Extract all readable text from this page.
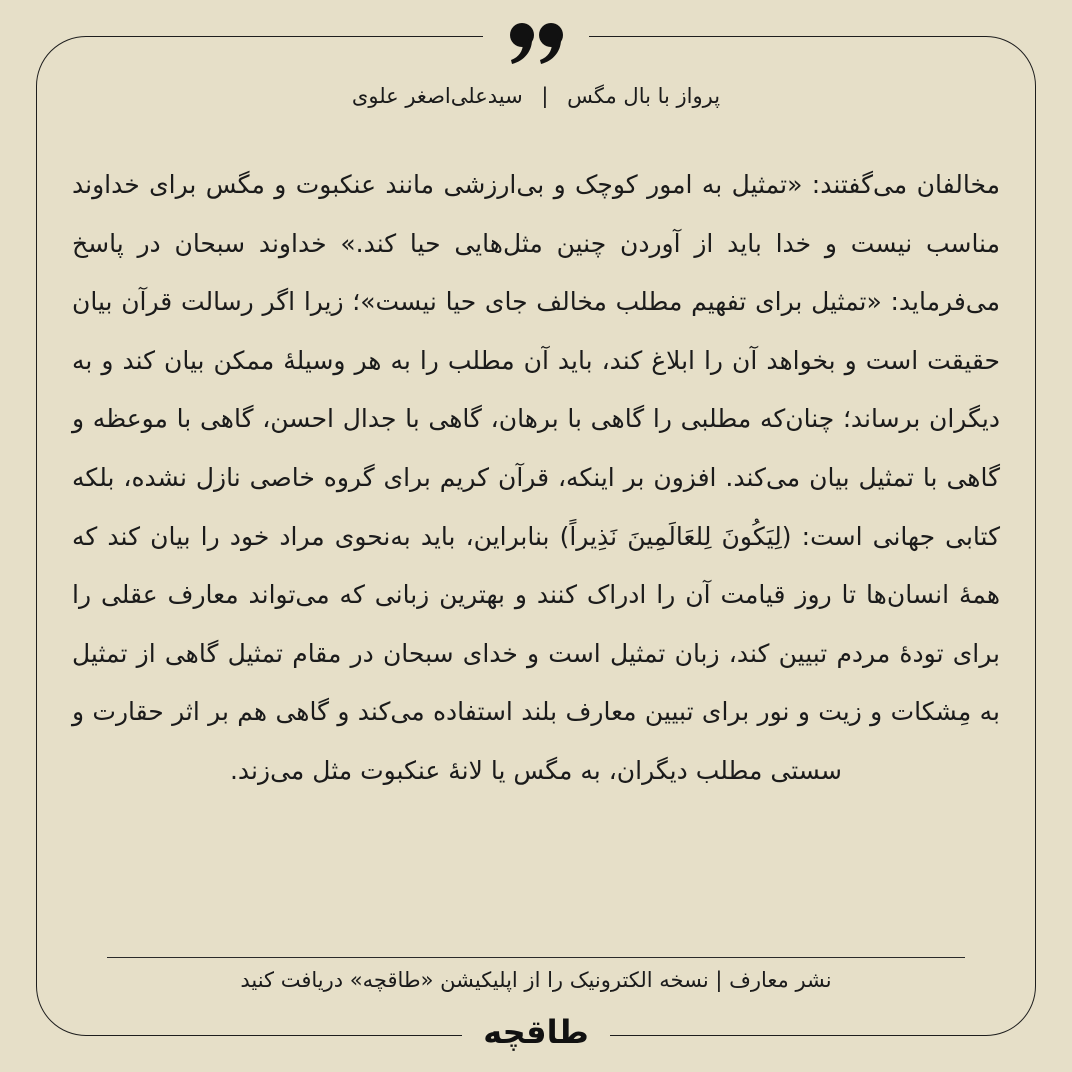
پرواز با بال مگس | سیدعلی‌اصغر علوی

مخالفان می‌گفتند: «تمثیل به امور کوچک و بی‌ارزشی مانند عنکبوت و مگس برای خداوند مناسب نیست و خدا باید از آوردن چنین مثل‌هایی حیا کند.» خداوند سبحان در پاسخ می‌فرماید: «تمثیل برای تفهیم مطلب مخالف جای حیا نیست»؛ زیرا اگر رسالت قرآن بیان حقیقت است و بخواهد آن را ابلاغ کند، باید آن مطلب را به هر وسیلهٔ ممکن بیان کند و به دیگران برساند؛ چنان‌که مطلبی را گاهی با برهان، گاهی با جدال احسن، گاهی با موعظه و گاهی با تمثیل بیان می‌کند. افزون بر اینکه، قرآن کریم برای گروه خاصی نازل نشده، بلکه کتابی جهانی است: (لِيَكُونَ لِلعَالَمِينَ نَذِيراً) بنابراین، باید به‌نحوی مراد خود را بیان کند که همهٔ انسان‌ها تا روز قیامت آن را ادراک کنند و بهترین زبانی که می‌تواند معارف عقلی را برای تودهٔ مردم تبیین کند، زبان تمثیل است و خدای سبحان در مقام تمثیل گاهی از تمثیل به مِشکات و زیت و نور برای تبیین معارف بلند استفاده می‌کند و گاهی هم بر اثر حقارت و سستی مطلب دیگران، به مگس یا لانهٔ عنکبوت مثل می‌زند.

نشر معارف | نسخه الکترونیک را از اپلیکیشن «طاقچه» دریافت کنید
طاقچه
